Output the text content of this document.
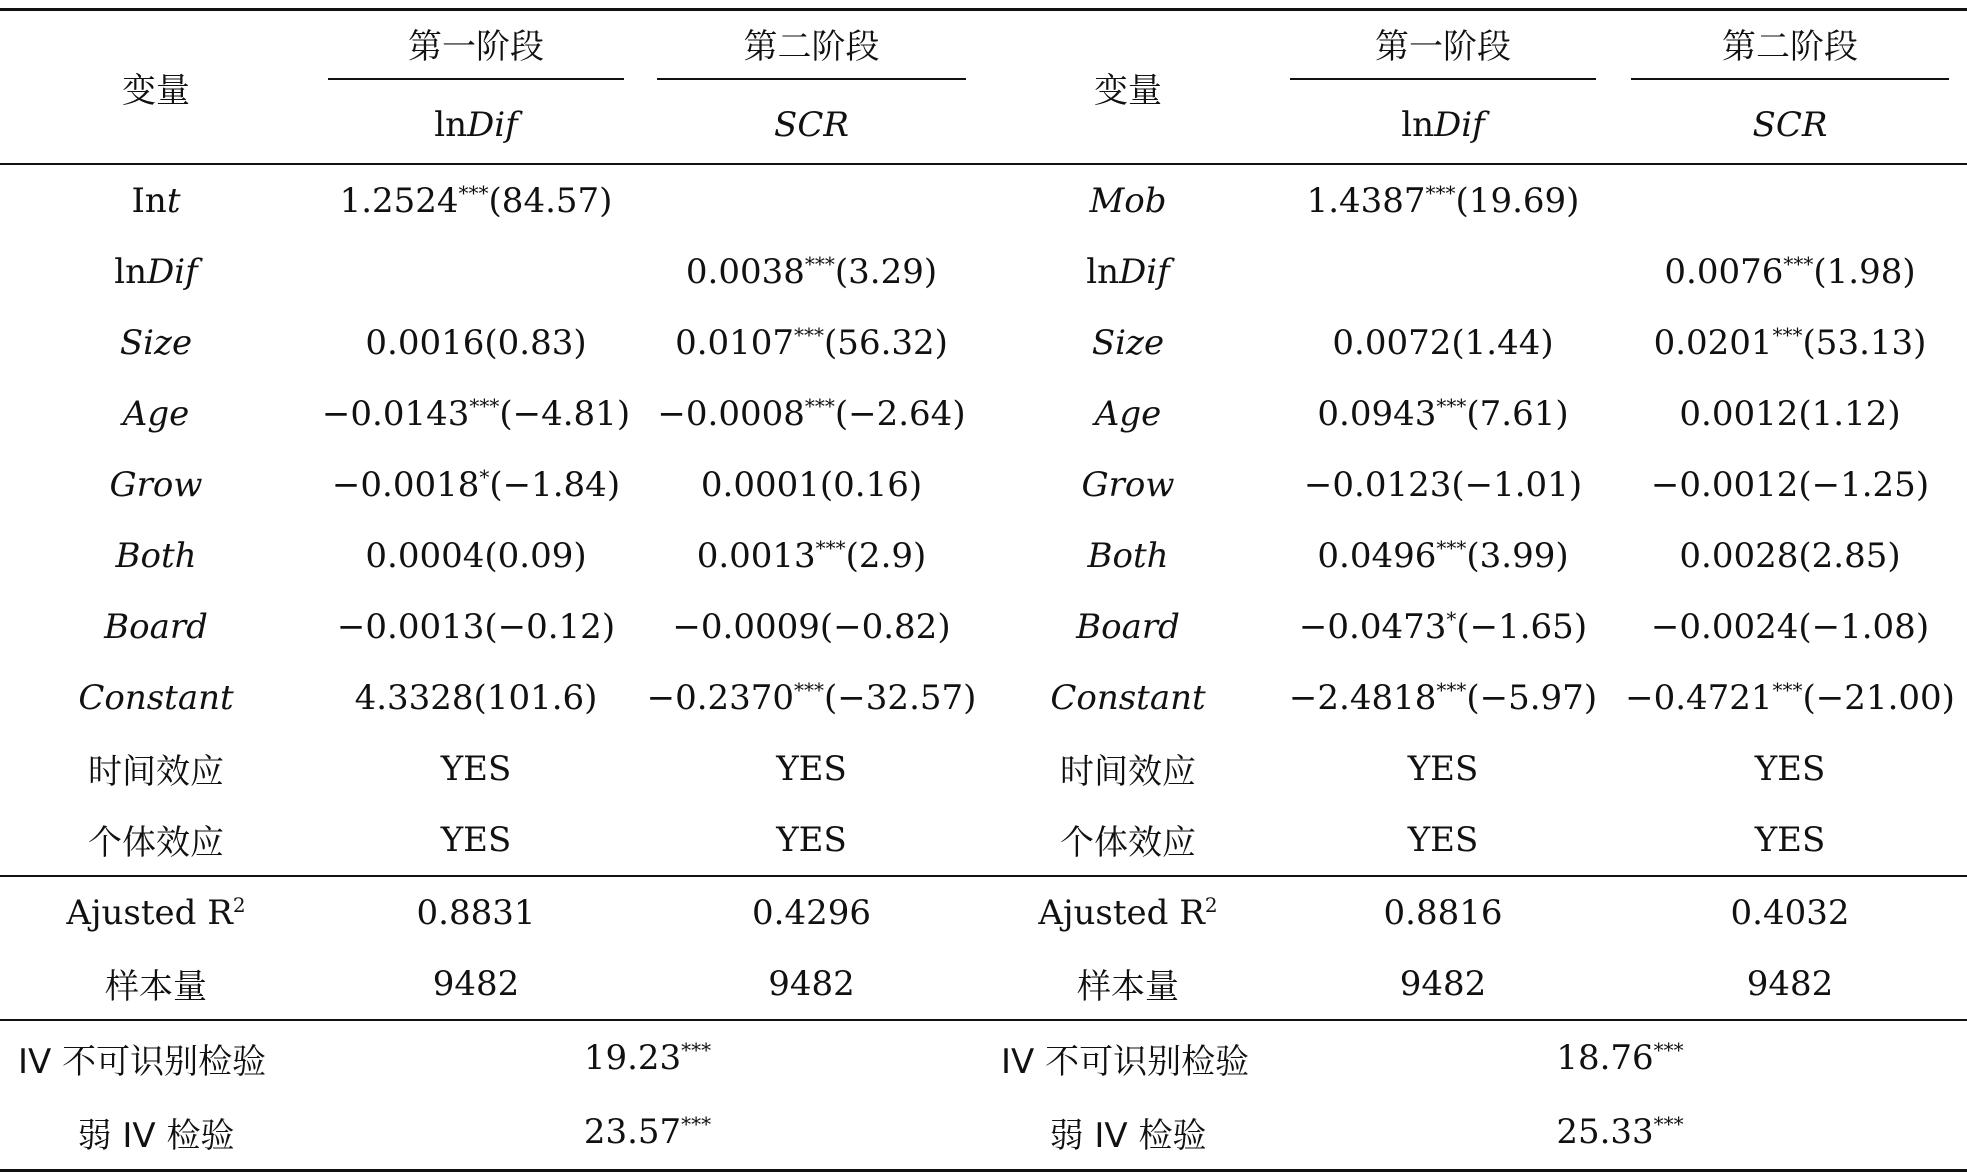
变量	第一阶段	第二阶段	变量	第一阶段	第二阶段
	lnDif	SCR		lnDif	SCR
Int	1.2524***(84.57)		Mob	1.4387***(19.69)	
lnDif		0.0038***(3.29)	lnDif		0.0076***(1.98)
Size	0.0016(0.83)	0.0107***(56.32)	Size	0.0072(1.44)	0.0201***(53.13)
Age	−0.0143***(−4.81)	−0.0008***(−2.64)	Age	0.0943***(7.61)	0.0012(1.12)
Grow	−0.0018*(−1.84)	0.0001(0.16)	Grow	−0.0123(−1.01)	−0.0012(−1.25)
Both	0.0004(0.09)	0.0013***(2.9)	Both	0.0496***(3.99)	0.0028(2.85)
Board	−0.0013(−0.12)	−0.0009(−0.82)	Board	−0.0473*(−1.65)	−0.0024(−1.08)
Constant	4.3328(101.6)	−0.2370***(−32.57)	Constant	−2.4818***(−5.97)	−0.4721***(−21.00)
时间效应	YES	YES	时间效应	YES	YES
个体效应	YES	YES	个体效应	YES	YES
Ajusted $R^2$	0.8831	0.4296	Ajusted $R^2$	0.8816	0.4032
样本量	9482	9482	样本量	9482	9482
IV 不可识别检验	19.23***		IV 不可识别检验	18.76***
弱 IV 检验	23.57***		弱 IV 检验	25.33***
